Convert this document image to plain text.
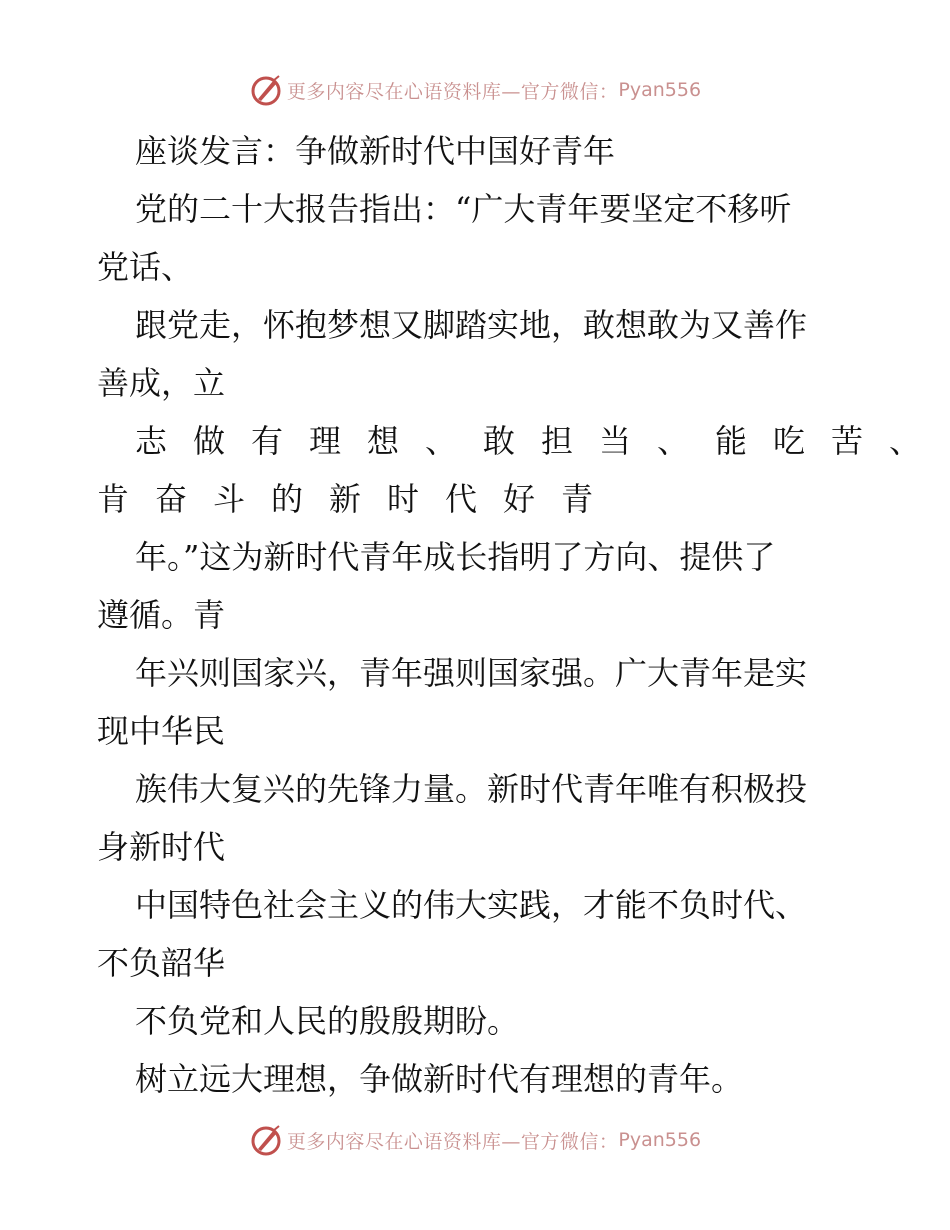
更多内容尽在心语资料库—官方微信： Pyan556
座谈发言：争做新时代中国好青年
党的二十大报告指出：“广大青年要坚定不移听
党话、
跟党走，怀抱梦想又脚踏实地，敢想敢为又善作
善成，立
志做有理想、敢担当、能吃苦、
肯奋斗的新时代好青
年。”这为新时代青年成长指明了方向、提供了
遵循。青
年兴则国家兴，青年强则国家强。广大青年是实
现中华民
族伟大复兴的先锋力量。新时代青年唯有积极投
身新时代
中国特色社会主义的伟大实践，才能不负时代、
不负韶华
不负党和人民的殷殷期盼。
树立远大理想，争做新时代有理想的青年。
更多内容尽在心语资料库—官方微信： Pyan556
